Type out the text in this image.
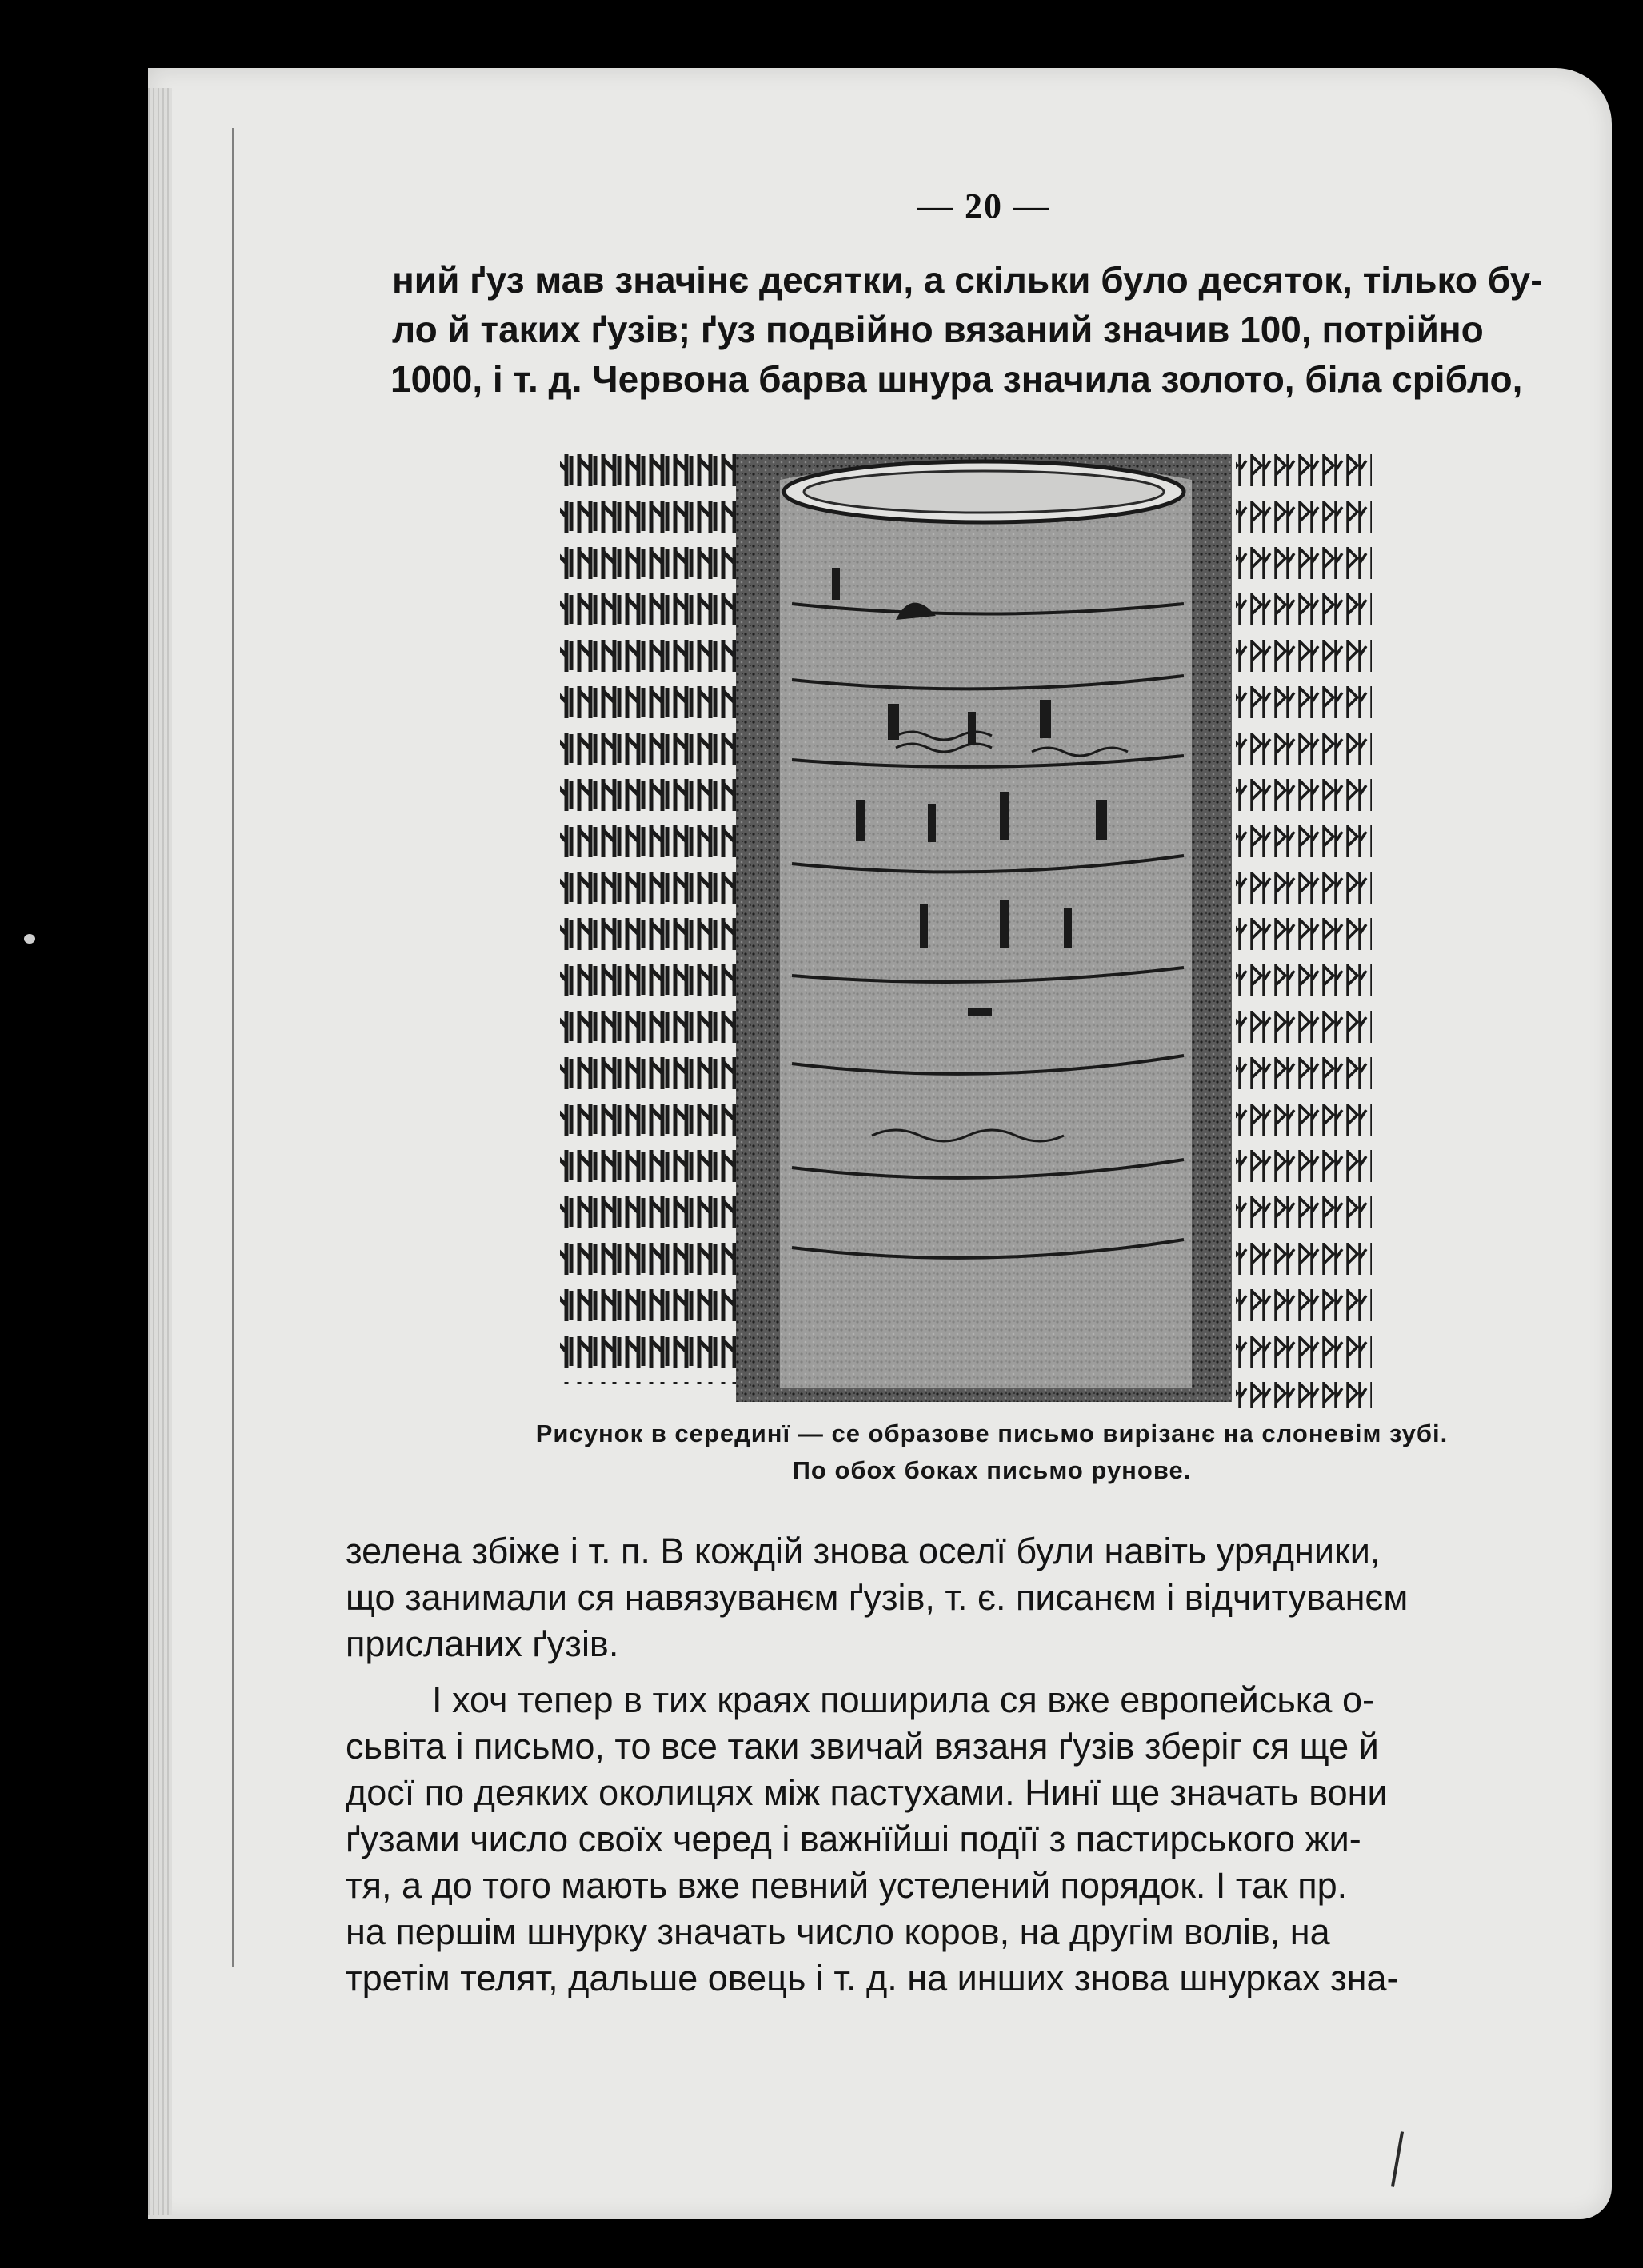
— 20 —
ний ґуз мав значінє десятки, а скільки було десяток, тілько бу-
ло й таких ґузів; ґуз подвійно вязаний значив 100, потрійно
1000, і т. д. Червона барва шнура значила золото, біла срібло,
Рисунок в серединї — се образове письмо вирізанє на слоневім зубі.
По обох боках письмо рунове.
зелена збіже і т. п. В кождій знова оселї були навіть урядники,
що занимали ся навязуванєм ґузів, т. є. писанєм і відчитуванєм
присланих ґузів.
І хоч тепер в тих краях поширила ся вже европейська о-
сьвіта і письмо, то все таки звичай вязаня ґузів зберіг ся ще й
досї по деяких околицях між пастухами. Нинї ще значать вони
ґузами число своїх черед і важнїйші подїї з пастирського жи-
тя, а до того мають вже певний устелений порядок. І так пр.
на першім шнурку значать число коров, на другім волів, на
третім телят, дальше овець і т. д. на инших знова шнурках зна-
